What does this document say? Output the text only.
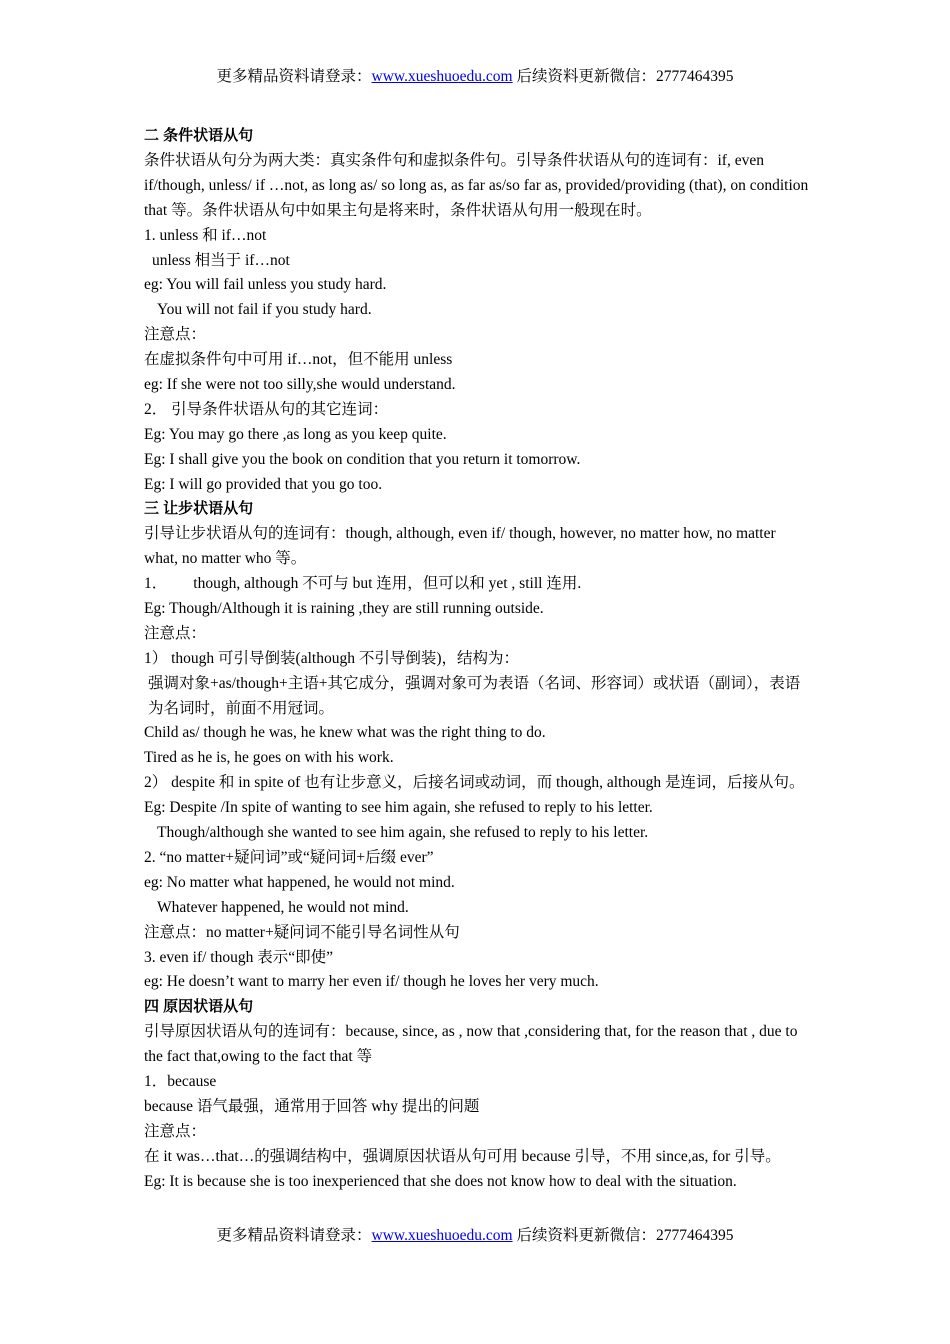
更多精品资料请登录：www.xueshuoedu.com 后续资料更新微信：2777464395
二 条件状语从句
条件状语从句分为两大类：真实条件句和虚拟条件句。引导条件状语从句的连词有：if, even if/though, unless/ if …not, as long as/ so long as, as far as/so far as, provided/providing (that), on condition that 等。条件状语从句中如果主句是将来时，条件状语从句用一般现在时。
1. unless 和 if…not
unless 相当于 if…not
eg: You will fail unless you study hard.
You will not fail if you study hard.
注意点：
在虚拟条件句中可用 if…not，但不能用 unless
eg: If she were not too silly,she would understand.
2． 引导条件状语从句的其它连词：
Eg: You may go there ,as long as you keep quite.
Eg: I shall give you the book on condition that you return it tomorrow.
Eg: I will go provided that you go too.
三 让步状语从句
引导让步状语从句的连词有：though, although, even if/ though, however, no matter how, no matter what, no matter who 等。
1． though, although 不可与 but 连用，但可以和 yet , still 连用.
Eg: Though/Although it is raining ,they are still running outside.
注意点：
1） though 可引导倒装(although 不引导倒装)，结构为：
强调对象+as/though+主语+其它成分，强调对象可为表语（名词、形容词）或状语（副词），表语为名词时，前面不用冠词。
Child as/ though he was, he knew what was the right thing to do.
Tired as he is, he goes on with his work.
2） despite 和 in spite of 也有让步意义，后接名词或动词，而 though, although 是连词，后接从句。
Eg: Despite /In spite of wanting to see him again, she refused to reply to his letter.
Though/although she wanted to see him again, she refused to reply to his letter.
2. “no matter+疑问词”或“疑问词+后缀 ever”
eg: No matter what happened, he would not mind.
Whatever happened, he would not mind.
注意点：no matter+疑问词不能引导名词性从句
3. even if/ though 表示“即使”
eg: He doesn’t want to marry her even if/ though he loves her very much.
四 原因状语从句
引导原因状语从句的连词有：because, since, as , now that ,considering that, for the reason that , due to the fact that,owing to the fact that 等
1．because
because 语气最强，通常用于回答 why 提出的问题
注意点：
在 it was…that…的强调结构中，强调原因状语从句可用 because 引导，不用 since,as, for 引导。
Eg: It is because she is too inexperienced that she does not know how to deal with the situation.
更多精品资料请登录：www.xueshuoedu.com 后续资料更新微信：2777464395
